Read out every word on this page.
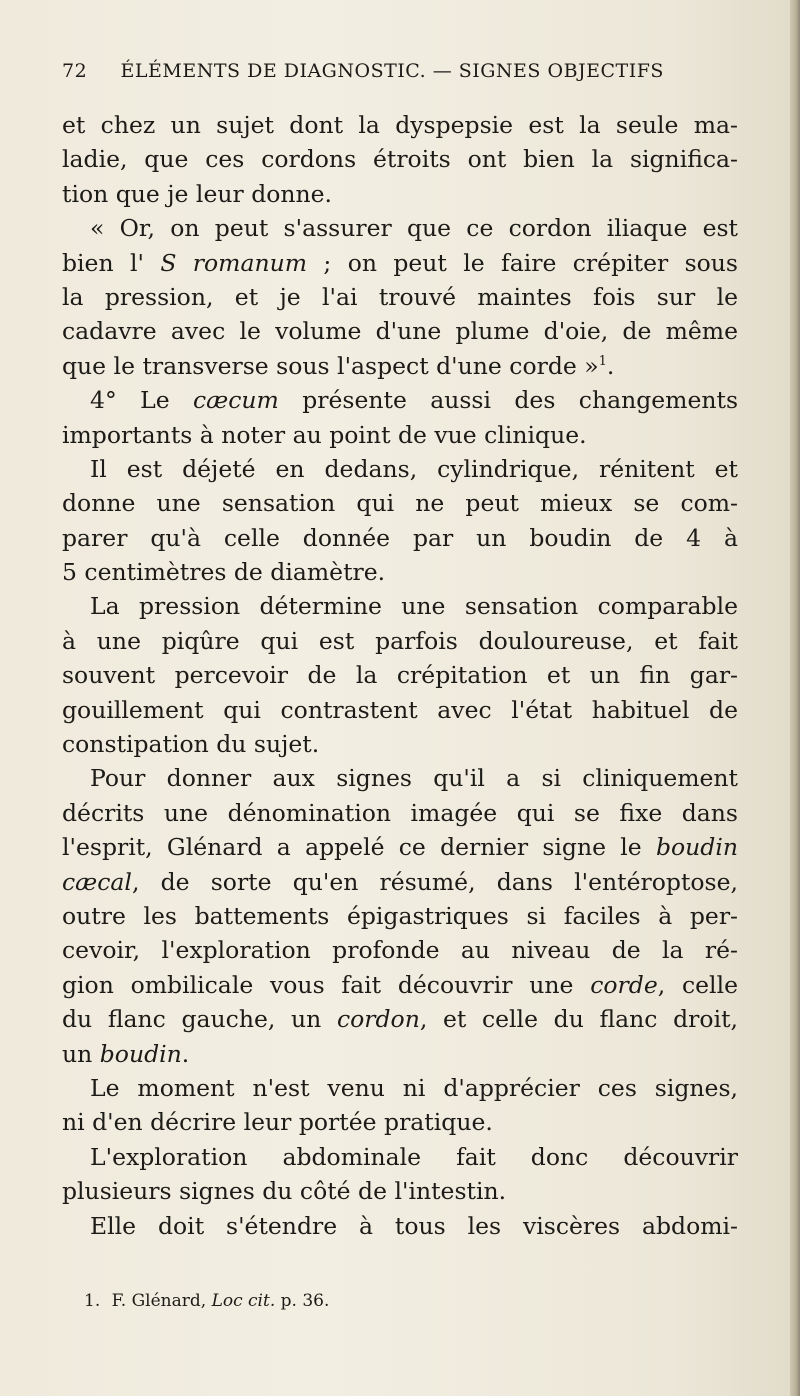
72 ÉLÉMENTS DE DIAGNOSTIC. — SIGNES OBJECTIFS
et chez un sujet dont la dyspepsie est la seule ma-
ladie, que ces cordons étroits ont bien la significa-
tion que je leur donne.
« Or, on peut s'assurer que ce cordon iliaque est
bien l' S romanum ; on peut le faire crépiter sous
la pression, et je l'ai trouvé maintes fois sur le
cadavre avec le volume d'une plume d'oie, de même
que le transverse sous l'aspect d'une corde »$^1$.
4° Le cæcum présente aussi des changements
importants à noter au point de vue clinique.
Il est déjeté en dedans, cylindrique, rénitent et
donne une sensation qui ne peut mieux se com-
parer qu'à celle donnée par un boudin de 4 à
5 centimètres de diamètre.
La pression détermine une sensation comparable
à une piqûre qui est parfois douloureuse, et fait
souvent percevoir de la crépitation et un fin gar-
gouillement qui contrastent avec l'état habituel de
constipation du sujet.
Pour donner aux signes qu'il a si cliniquement
décrits une dénomination imagée qui se fixe dans
l'esprit, Glénard a appelé ce dernier signe le boudin
cæcal, de sorte qu'en résumé, dans l'entéroptose,
outre les battements épigastriques si faciles à per-
cevoir, l'exploration profonde au niveau de la ré-
gion ombilicale vous fait découvrir une corde, celle
du flanc gauche, un cordon, et celle du flanc droit,
un boudin.
Le moment n'est venu ni d'apprécier ces signes,
ni d'en décrire leur portée pratique.
L'exploration abdominale fait donc découvrir
plusieurs signes du côté de l'intestin.
Elle doit s'étendre à tous les viscères abdomi-
1. F. Glénard, Loc cit. p. 36.
